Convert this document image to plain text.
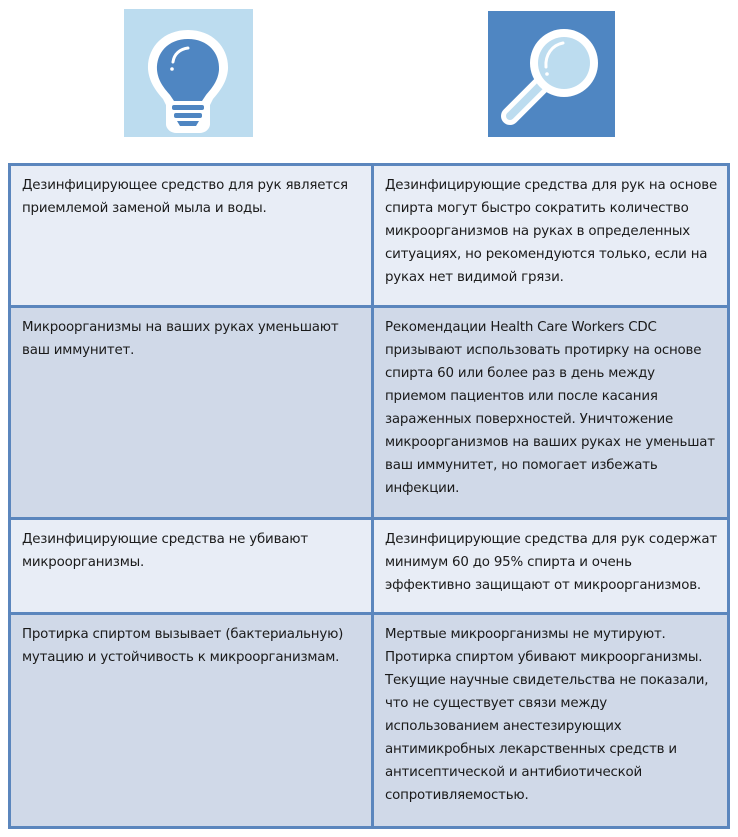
Дезинфицирующее средство для рук является приемлемой заменой мыла и воды.	Дезинфицирующие средства для рук на основе спирта могут быстро сократить количество микроорганизмов на руках в определенных ситуациях, но рекомендуются только, если на руках нет видимой грязи.
Микроорганизмы на ваших руках уменьшают ваш иммунитет.	Рекомендации Health Care Workers CDC призывают использовать протирку на основе спирта 60 или более раз в день между приемом пациентов или после касания зараженных поверхностей. Уничтожение микроорганизмов на ваших руках не уменьшат ваш иммунитет, но помогает избежать инфекции.
Дезинфицирующие средства не убивают микроорганизмы.	Дезинфицирующие средства для рук содержат минимум 60 до 95% спирта и очень эффективно защищают от микроорганизмов.
Протирка спиртом вызывает (бактериальную) мутацию и устойчивость к микроорганизмам.	Мертвые микроорганизмы не мутируют. Протирка спиртом убивают микроорганизмы. Текущие научные свидетельства не показали, что не существует связи между использованием анестезирующих антимикробных лекарственных средств и антисептической и антибиотической сопротивляемостью.
